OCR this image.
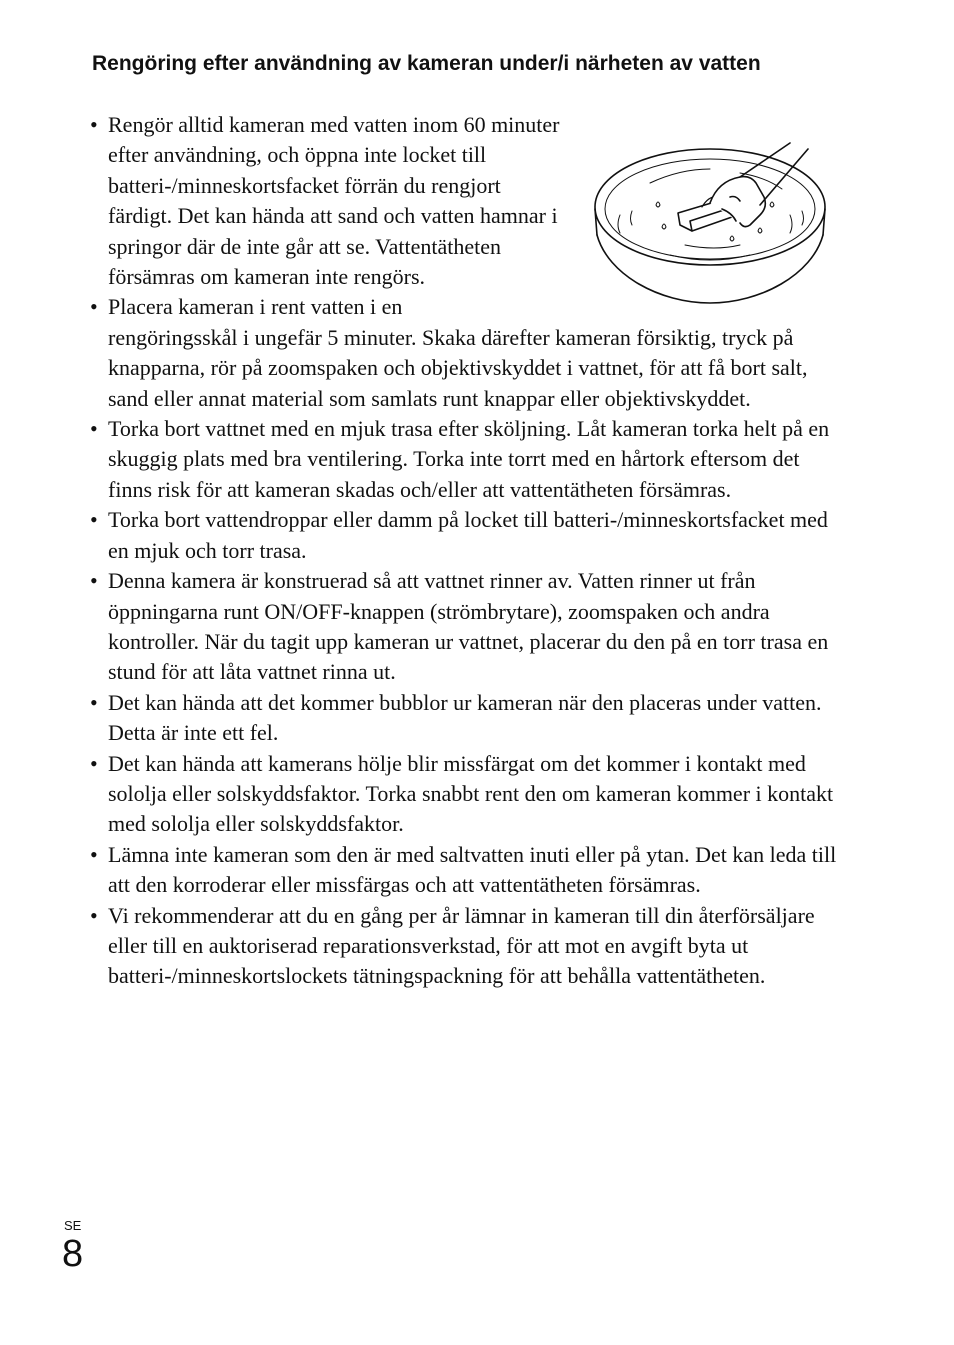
Rengöring efter användning av kameran under/i närheten av vatten
• Rengör alltid kameran med vatten inom 60 minuter efter användning, och öppna inte locket till batteri-/minneskortsfacket förrän du rengjort färdigt. Det kan hända att sand och vatten hamnar i springor där de inte går att se. Vattentätheten försämras om kameran inte rengörs.
• Placera kameran i rent vatten i en
rengöringsskål i ungefär 5 minuter. Skaka därefter kameran försiktig, tryck på knapparna, rör på zoomspaken och objektivskyddet i vattnet, för att få bort salt, sand eller annat material som samlats runt knappar eller objektivskyddet.
• Torka bort vattnet med en mjuk trasa efter sköljning. Låt kameran torka helt på en skuggig plats med bra ventilering. Torka inte torrt med en hårtork eftersom det finns risk för att kameran skadas och/eller att vattentätheten försämras.
• Torka bort vattendroppar eller damm på locket till batteri-/minneskortsfacket med en mjuk och torr trasa.
• Denna kamera är konstruerad så att vattnet rinner av. Vatten rinner ut från öppningarna runt ON/OFF-knappen (strömbrytare), zoomspaken och andra kontroller. När du tagit upp kameran ur vattnet, placerar du den på en torr trasa en stund för att låta vattnet rinna ut.
• Det kan hända att det kommer bubblor ur kameran när den placeras under vatten. Detta är inte ett fel.
• Det kan hända att kamerans hölje blir missfärgat om det kommer i kontakt med sololja eller solskyddsfaktor. Torka snabbt rent den om kameran kommer i kontakt med sololja eller solskyddsfaktor.
• Lämna inte kameran som den är med saltvatten inuti eller på ytan. Det kan leda till att den korroderar eller missfärgas och att vattentätheten försämras.
• Vi rekommenderar att du en gång per år lämnar in kameran till din återförsäljare eller till en auktoriserad reparationsverkstad, för att mot en avgift byta ut batteri-/minneskortslockets tätningspackning för att behålla vattentätheten.
SE
8
